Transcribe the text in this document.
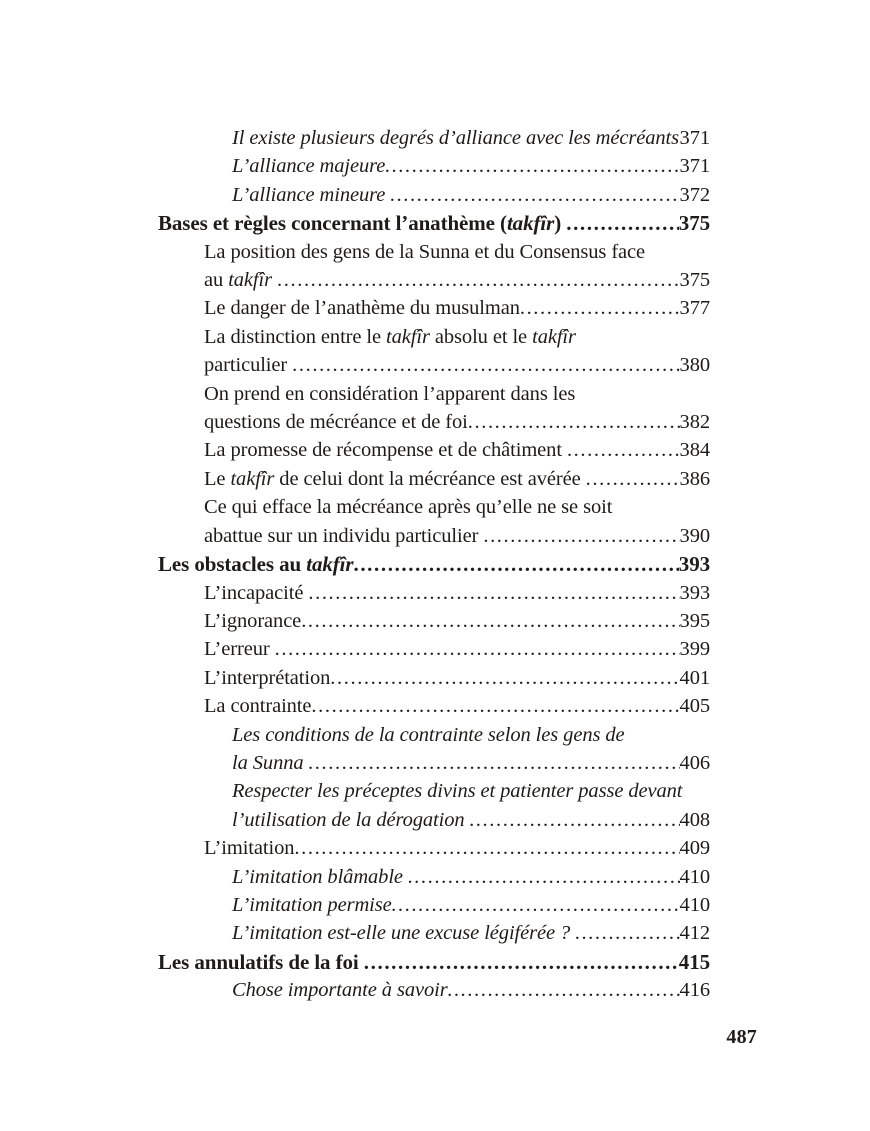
Il existe plusieurs degrés d’alliance avec les mécréants ..... 371
L’alliance majeure .....	371
L’alliance mineure .....	372
Bases et règles concernant l’anathème (takfîr) .....	375
La position des gens de la Sunna et du Consensus face
au takfîr .....	375
Le danger de l’anathème du musulman .....	377
La distinction entre le takfîr absolu et le takfîr
particulier .....	380
On prend en considération l’apparent dans les
questions de mécréance et de foi .....	382
La promesse de récompense et de châtiment .....	384
Le takfîr de celui dont la mécréance est avérée .....	386
Ce qui efface la mécréance après qu’elle ne se soit
abattue sur un individu particulier .....	390
Les obstacles au takfîr .....	393
L’incapacité .....	393
L’ignorance .....	395
L’erreur .....	399
L’interprétation .....	401
La contrainte .....	405
Les conditions de la contrainte selon les gens de
la Sunna .....	406
Respecter les préceptes divins et patienter passe devant
l’utilisation de la dérogation .....	408
L’imitation .....	409
L’imitation blâmable .....	410
L’imitation permise .....	410
L’imitation est-elle une excuse légiférée ? .....	412
Les annulatifs de la foi .....	415
Chose importante à savoir .....	416
487
